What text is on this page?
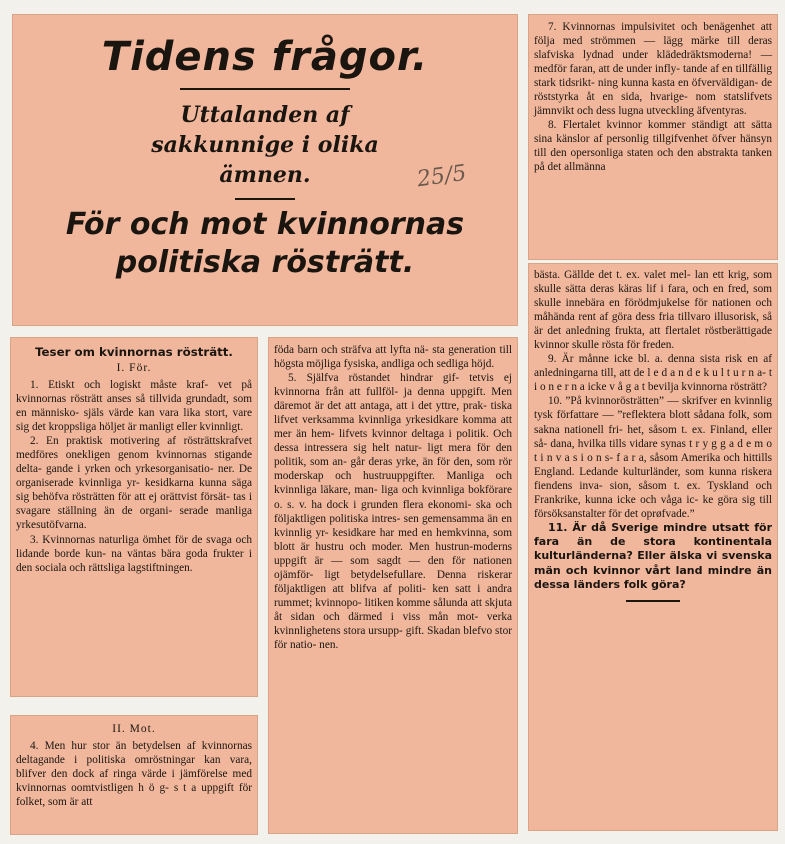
Tidens frågor.
Uttalanden af sakkunnige i olika ämnen.
För och mot kvinnornas politiska rösträtt.
25/5
Teser om kvinnornas rösträtt.
I. För.

1. Etiskt och logiskt måste kraf- vet på kvinnornas rösträtt anses så tillvida grundadt, som en människo- själs värde kan vara lika stort, vare sig det kroppsliga höljet är manligt eller kvinnligt.

2. En praktisk motivering af rösträttskrafvet medföres onekligen genom kvinnornas stigande delta- gande i yrken och yrkesorganisatio- ner. De organiserade kvinnliga yr- kesidkarna kunna säga sig behöfva rösträtten för att ej orättvist försät- tas i svagare ställning än de organi- serade manliga yrkesutöfvarna.

3. Kvinnornas naturliga ömhet för de svaga och lidande borde kun- na väntas bära goda frukter i den sociala och rättsliga lagstiftningen.

II. Mot.

4. Men hur stor än betydelsen af kvinnornas deltagande i politiska omröstningar kan vara, blifver den dock af ringa värde i jämförelse med kvinnornas oomtvistligen h ö g- s t a uppgift för folket, som är att

föda barn och sträfva att lyfta nä- sta generation till högsta möjliga fysiska, andliga och sedliga höjd.

5. Själfva röstandet hindrar gif- tetvis ej kvinnorna från att fullföl- ja denna uppgift. Men däremot är det att antaga, att i det yttre, prak- tiska lifvet verksamma kvinnliga yrkesidkare komma att mer än hem- lifvets kvinnor deltaga i politik. Och dessa intressera sig helt natur- ligt mera för den politik, som an- går deras yrke, än för den, som rör moderskap och hustruuppgifter. Manliga och kvinnliga läkare, man- liga och kvinnliga bokförare o. s. v. ha dock i grunden flera ekonomi- ska och följaktligen politiska intres- sen gemensamma än en kvinnlig yr- kesidkare har med en hemkvinna, som blott är hustru och moder. Men hustrun-moderns uppgift är — som sagdt — den för nationen ojämför- ligt betydelsefullare. Denna riskerar följaktligen att blifva af politi- ken satt i andra rummet; kvinnopo- litiken komme sålunda att skjuta åt sidan och därmed i viss mån mot- verka kvinnlighetens stora ursupp- gift. Skadan blefvo stor för natio- nen.

7. Kvinnornas impulsivitet och benägenhet att följa med strömmen — lägg märke till deras slafviska lydnad under klädedräktsmoderna! — medför faran, att de under infly- tande af en tillfällig stark tidsrikt- ning kunna kasta en öfverväldigan- de röststyrka åt en sida, hvarige- nom statslifvets jämnvikt och dess lugna utveckling äfventyras.

8. Flertalet kvinnor kommer ständigt att sätta sina känslor af personlig tillgifvenhet öfver hänsyn till den opersonliga staten och den abstrakta tanken på det allmänna

bästa. Gällde det t. ex. valet mel- lan ett krig, som skulle sätta deras käras lif i fara, och en fred, som skulle innebära en förödmjukelse för nationen och måhända rent af göra dess fria tillvaro illusorisk, så är det anledning frukta, att flertalet röstberättigade kvinnor skulle rösta för freden.

9. Är månne icke bl. a. denna sista risk en af anledningarna till, att de l e d a n d e k u l t u r n a- t i o n e r n a icke v å g a t bevilja kvinnorna rösträtt?

10. ”På kvinnorösträtten” — skrifver en kvinnlig tysk författare — ”reflektera blott sådana folk, som sakna nationell fri- het, såsom t. ex. Finland, eller så- dana, hvilka tills vidare synas t r y g g a d e m o t i n v a s i o n s- f a r a, såsom Amerika och hittills England. Ledande kulturländer, som kunna riskera fiendens inva- sion, såsom t. ex. Tyskland och Frankrike, kunna icke och våga ic- ke göra sig till försöksanstalter för det oprøfvade.”

11. Är då Sverige mindre utsatt för fara än de stora kontinentala kulturländerna? Eller älska vi svenska män och kvinnor vårt land mindre än dessa länders folk göra?
